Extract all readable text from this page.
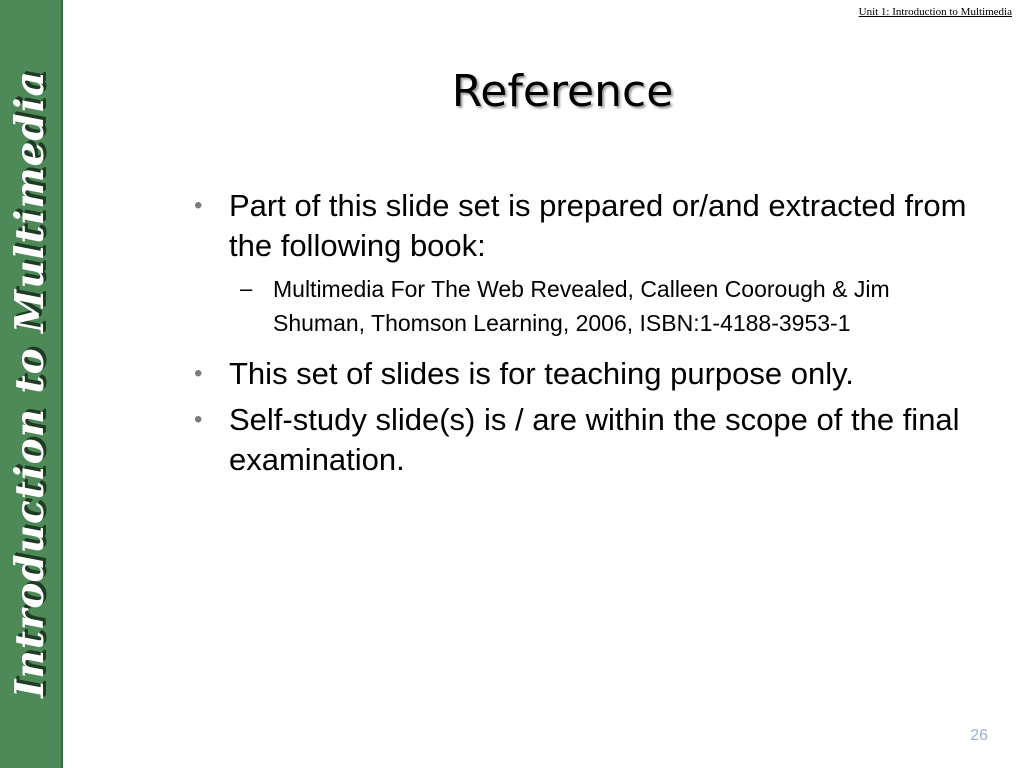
Introduction to Multimedia
Unit 1: Introduction to Multimedia
Reference
• Part of this slide set is prepared or/and extracted from the following book:
– Multimedia For The Web Revealed, Calleen Coorough & Jim Shuman, Thomson Learning, 2006, ISBN:1-4188-3953-1
• This set of slides is for teaching purpose only.
• Self-study slide(s) is / are within the scope of the final examination.
26
